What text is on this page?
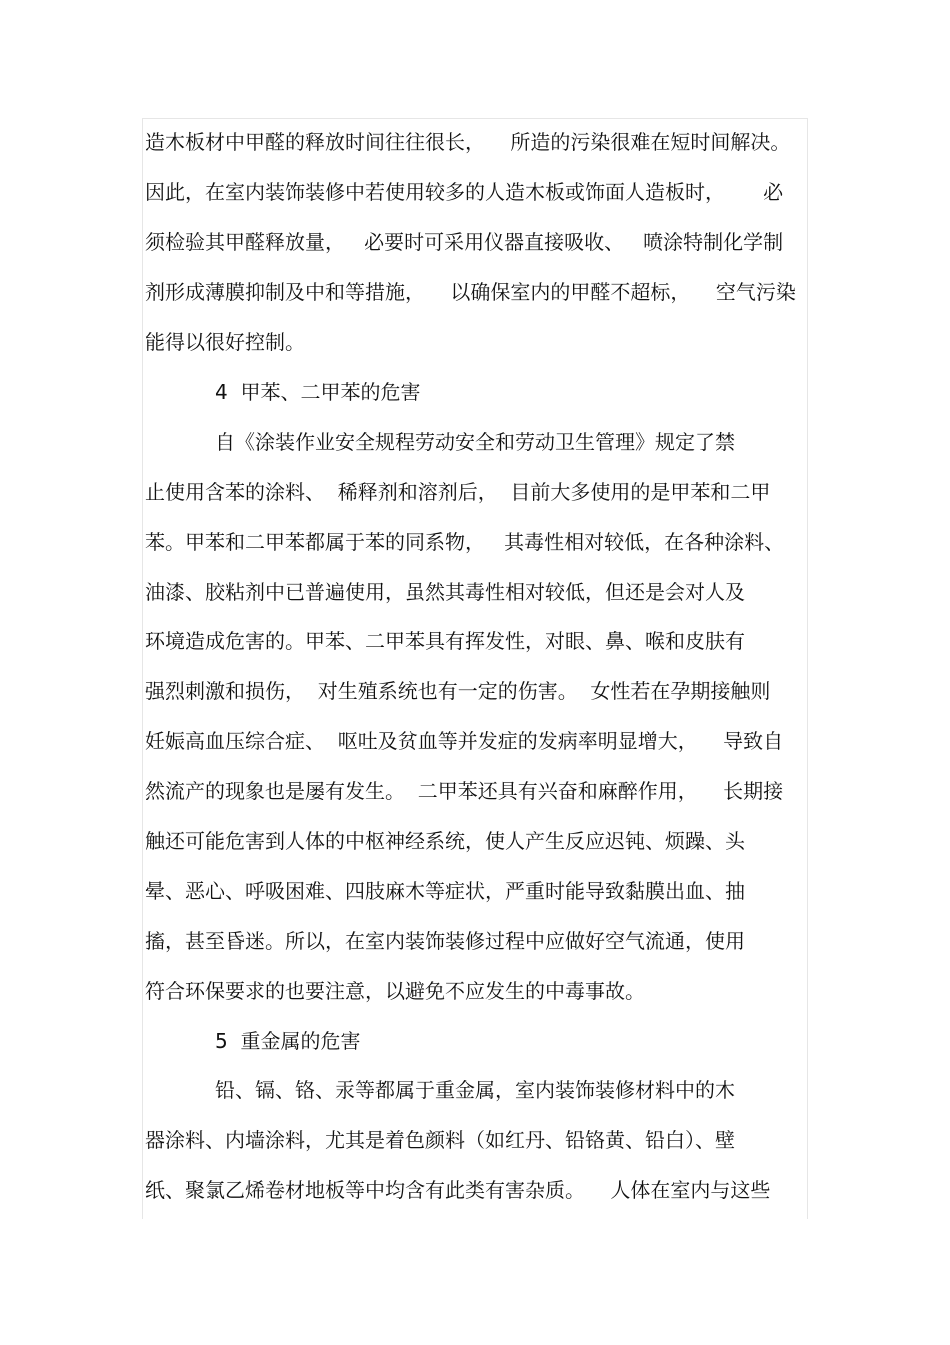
造木板材中甲醛的释放时间往往很长，    所造的污染很难在短时间解决。
因此，在室内装饰装修中若使用较多的人造木板或饰面人造板时，      必
须检验其甲醛释放量，   必要时可采用仪器直接吸收、   喷涂特制化学制
剂形成薄膜抑制及中和等措施，    以确保室内的甲醛不超标，    空气污染
能得以很好控制。
4  甲苯、二甲苯的危害
自《涂装作业安全规程劳动安全和劳动卫生管理》规定了禁
止使用含苯的涂料、  稀释剂和溶剂后，  目前大多使用的是甲苯和二甲
苯。甲苯和二甲苯都属于苯的同系物，   其毒性相对较低，在各种涂料、
油漆、胶粘剂中已普遍使用，虽然其毒性相对较低，但还是会对人及
环境造成危害的。甲苯、二甲苯具有挥发性，对眼、鼻、喉和皮肤有
强烈刺激和损伤，  对生殖系统也有一定的伤害。  女性若在孕期接触则
妊娠高血压综合症、  呕吐及贫血等并发症的发病率明显增大，    导致自
然流产的现象也是屡有发生。  二甲苯还具有兴奋和麻醉作用，    长期接
触还可能危害到人体的中枢神经系统，使人产生反应迟钝、烦躁、头
晕、恶心、呼吸困难、四肢麻木等症状，严重时能导致黏膜出血、抽
搐，甚至昏迷。所以，在室内装饰装修过程中应做好空气流通，使用
符合环保要求的也要注意，以避免不应发生的中毒事故。
5  重金属的危害
铅、镉、铬、汞等都属于重金属，室内装饰装修材料中的木
器涂料、内墙涂料，尤其是着色颜料（如红丹、铅铬黄、铅白）、壁
纸、聚氯乙烯卷材地板等中均含有此类有害杂质。    人体在室内与这些
